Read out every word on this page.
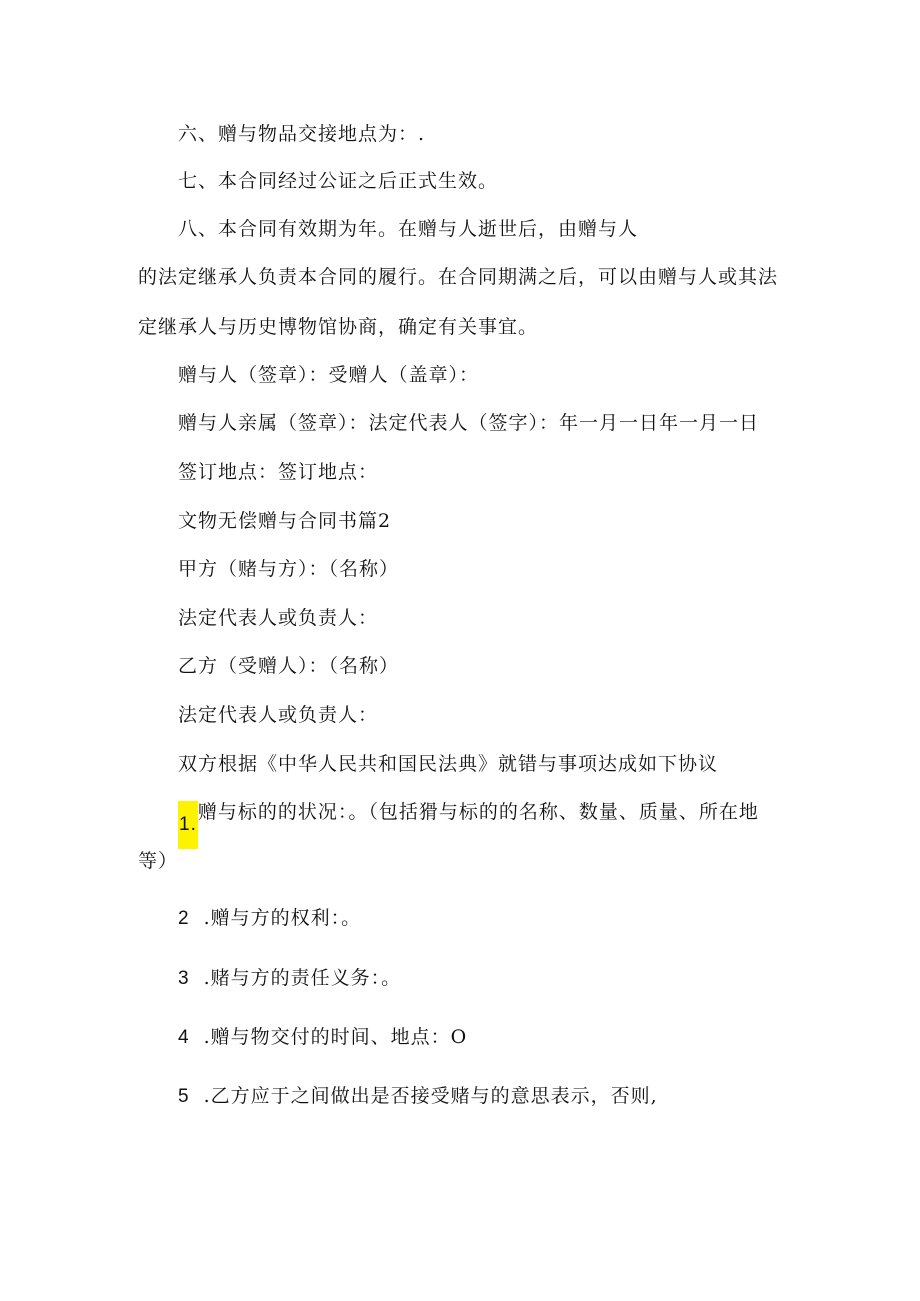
六、赠与物品交接地点为：.
七、本合同经过公证之后正式生效。
八、本合同有效期为年。在赠与人逝世后，由赠与人
的法定继承人负责本合同的履行。在合同期满之后，可以由赠与人或其法
定继承人与历史博物馆协商，确定有关事宜。
赠与人（签章）：受赠人（盖章）：
赠与人亲属（签章）：法定代表人（签字）：年一月一日年一月一日
签订地点：签订地点：
文物无偿赠与合同书篇2
甲方（赌与方）：（名称）
法定代表人或负责人：
乙方（受赠人）：（名称）
法定代表人或负责人：
双方根据《中华人民共和国民法典》就错与事项达成如下协议
1.赠与标的的状况：。（包括猾与标的的名称、数量、质量、所在地
等）
2 .赠与方的权利：。
3 .赌与方的责任义务：。
4 .赠与物交付的时间、地点：O
5 .乙方应于之间做出是否接受赌与的意思表示，否则,
